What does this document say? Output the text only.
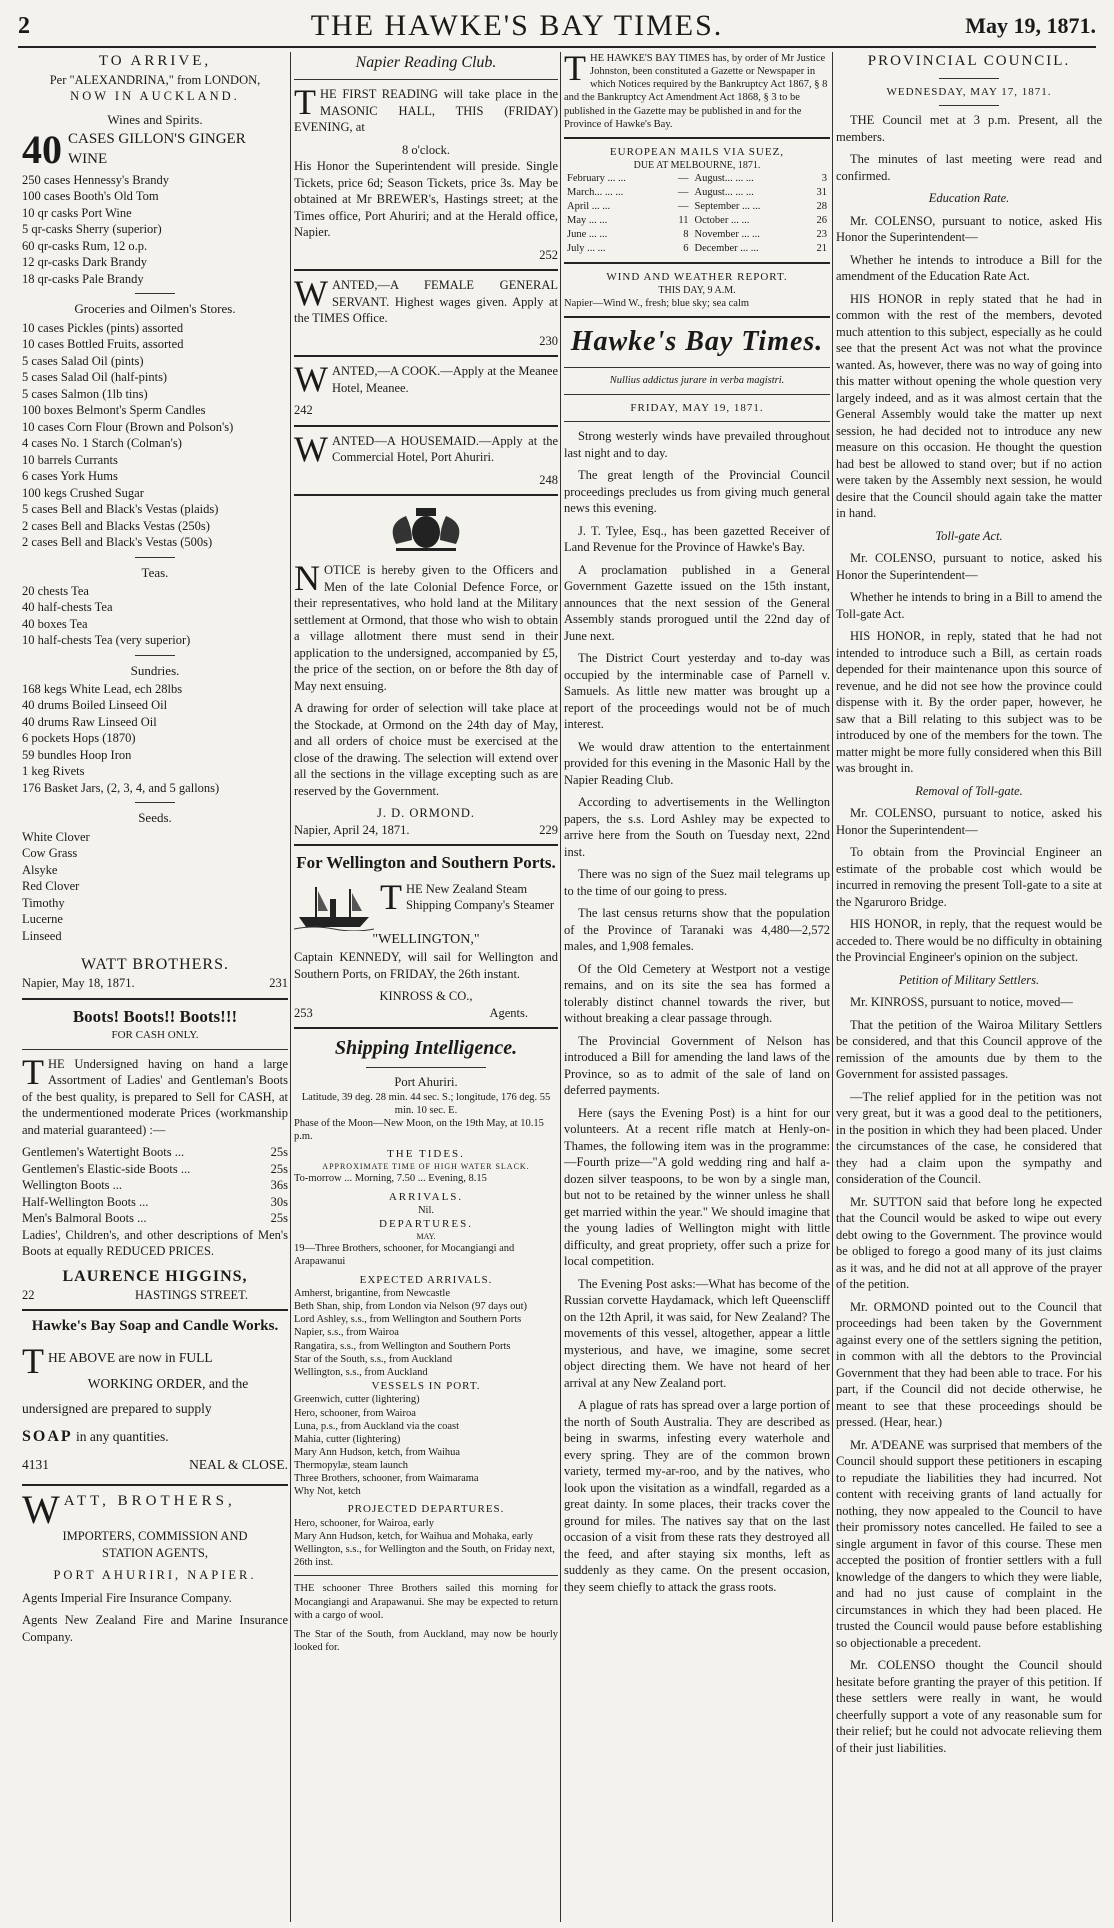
2	THE HAWKE'S BAY TIMES.	May 19, 1871.
TO ARRIVE,
Per "ALEXANDRINA," from LONDON,
NOW IN AUCKLAND.
Wines and Spirits.
40 CASES GILLON'S GINGER WINE
250 cases Hennessy's Brandy
100 cases Booth's Old Tom
10 qr casks Port Wine
5 qr-casks Sherry (superior)
60 qr-casks Rum, 12 o.p.
12 qr-casks Dark Brandy
18 qr-casks Pale Brandy
Groceries and Oilmen's Stores.
10 cases Pickles (pints) assorted
10 cases Bottled Fruits, assorted
5 cases Salad Oil (pints)
5 cases Salad Oil (half-pints)
5 cases Salmon (1lb tins)
100 boxes Belmont's Sperm Candles
10 cases Corn Flour (Brown and Polson's)
4 cases No. 1 Starch (Colman's)
10 barrels Currants
6 cases York Hums
100 kegs Crushed Sugar
5 cases Bell and Black's Vestas (plaids)
2 cases Bell and Blacks Vestas (250s)
2 cases Bell and Black's Vestas (500s)
Teas.
20 chests Tea
40 half-chests Tea
40 boxes Tea
10 half-chests Tea (very superior)
Sundries.
168 kegs White Lead, ech 28lbs
40 drums Boiled Linseed Oil
40 drums Raw Linseed Oil
6 pockets Hops (1870)
59 bundles Hoop Iron
1 keg Rivets
176 Basket Jars, (2, 3, 4, and 5 gallons)
Seeds.
White Clover
Cow Grass
Alsyke
Red Clover
Timothy
Lucerne
Linseed
WATT BROTHERS.
Napier, May 18, 1871.	231
Boots! Boots!! Boots!!!
FOR CASH ONLY.

THE Undersigned having on hand a large Assortment of Ladies' and Gentleman's Boots of the best quality, is prepared to Sell for CASH, at the undermentioned moderate Prices (workmanship and material guaranteed) :—

Gentlemen's Watertight Boots ...	25s
Gentlemen's Elastic-side Boots ...	25s
Wellington Boots ...	36s
Half-Wellington Boots ...	30s
Men's Balmoral Boots ...	25s

Ladies', Children's, and other descriptions of Men's Boots at equally REDUCED PRICES.

LAURENCE HIGGINS,
22	HASTINGS STREET.
Hawke's Bay Soap and Candle Works.
T HE ABOVE are now in FULL
WORKING ORDER, and the
undersigned are prepared to supply
SOAP in any quantities.
4131	NEAL & CLOSE.
W ATT, BROTHERS,
IMPORTERS, COMMISSION AND
STATION AGENTS,
PORT AHURIRI, NAPIER.

Agents Imperial Fire Insurance Company.

Agents New Zealand Fire and Marine Insurance Company.

Napier Reading Club.

THE FIRST READING will take place in the MASONIC HALL, THIS (FRIDAY) EVENING, at

8 o'clock.

His Honor the Superintendent will preside. Single Tickets, price 6d; Season Tickets, price 3s. May be obtained at Mr BREWER's, Hastings street; at the Times office, Port Ahuriri; and at the Herald office, Napier.

252

WANTED,—A FEMALE GENERAL SERVANT. Highest wages given. Apply at the TIMES Office.

230

WANTED,—A COOK.—Apply at the Meanee Hotel, Meanee.

242

WANTED—A HOUSEMAID.—Apply at the Commercial Hotel, Port Ahuriri.

248

NOTICE is hereby given to the Officers and Men of the late Colonial Defence Force, or their representatives, who hold land at the Military settlement at Ormond, that those who wish to obtain a village allotment there must send in their application to the undersigned, accompanied by £5, the price of the section, on or before the 8th day of May next ensuing.

A drawing for order of selection will take place at the Stockade, at Ormond on the 24th day of May, and all orders of choice must be exercised at the close of the drawing. The selection will extend over all the sections in the village excepting such as are reserved by the Government.

J. D. ORMOND.
Napier, April 24, 1871.	229
For Wellington and Southern Ports.
T HE New Zealand Steam Shipping Company's Steamer
"WELLINGTON,"

Captain KENNEDY, will sail for Wellington and Southern Ports, on FRIDAY, the 26th instant.

KINROSS & CO.,
253	Agents.
Shipping Intelligence.
Port Ahuriri.
Latitude, 39 deg. 28 min. 44 sec. S.; longitude, 176 deg. 55 min. 10 sec. E.
Phase of the Moon—New Moon, on the 19th May, at 10.15 p.m.
THE TIDES.
APPROXIMATE TIME OF HIGH WATER SLACK.
To-morrow ... Morning, 7.50 ... Evening, 8.15
ARRIVALS.
Nil.
DEPARTURES.
MAY.
19—Three Brothers, schooner, for Mocangiangi and Arapawanui
EXPECTED ARRIVALS.
Amherst, brigantine, from Newcastle
Beth Shan, ship, from London via Nelson (97 days out)
Lord Ashley, s.s., from Wellington and Southern Ports
Napier, s.s., from Wairoa
Rangatira, s.s., from Wellington and Southern Ports
Star of the South, s.s., from Auckland
Wellington, s.s., from Auckland
VESSELS IN PORT.
Greenwich, cutter (lightering)
Hero, schooner, from Wairoa
Luna, p.s., from Auckland via the coast
Mahia, cutter (lightering)
Mary Ann Hudson, ketch, from Waihua
Thermopylæ, steam launch
Three Brothers, schooner, from Waimarama
Why Not, ketch
PROJECTED DEPARTURES.
Hero, schooner, for Wairoa, early
Mary Ann Hudson, ketch, for Waihua and Mohaka, early
Wellington, s.s., for Wellington and the South, on Friday next, 26th inst.

THE schooner Three Brothers sailed this morning for Mocangiangi and Arapawanui. She may be expected to return with a cargo of wool.

The Star of the South, from Auckland, may now be hourly looked for.

T HE HAWKE'S BAY TIMES has, by order of Mr Justice Johnston, been constituted a Gazette or Newspaper in which Notices required by the Bankruptcy Act 1867, § 8 and the Bankruptcy Act Amendment Act 1868, § 3 to be published in the Gazette may be published in and for the Province of Hawke's Bay.
EUROPEAN MAILS VIA SUEZ,
DUE AT MELBOURNE, 1871.
February ... ...	—	August... ... ...	3
March... ... ...	—	August... ... ...	31
April ... ...	—	September ... ...	28
May ... ...	11	October ... ...	26
June ... ...	8	November ... ...	23
July ... ...	6	December ... ...	21
WIND AND WEATHER REPORT.
THIS DAY, 9 A.M.
Napier—Wind W., fresh; blue sky; sea calm
Hawke's Bay Times.
Nullius addictus jurare in verba magistri.
FRIDAY, MAY 19, 1871.

Strong westerly winds have prevailed throughout last night and to day.

The great length of the Provincial Council proceedings precludes us from giving much general news this evening.

J. T. Tylee, Esq., has been gazetted Receiver of Land Revenue for the Province of Hawke's Bay.

A proclamation published in a General Government Gazette issued on the 15th instant, announces that the next session of the General Assembly stands prorogued until the 22nd day of June next.

The District Court yesterday and to-day was occupied by the interminable case of Parnell v. Samuels. As little new matter was brought up a report of the proceedings would not be of much interest.

We would draw attention to the entertainment provided for this evening in the Masonic Hall by the Napier Reading Club.

According to advertisements in the Wellington papers, the s.s. Lord Ashley may be expected to arrive here from the South on Tuesday next, 22nd inst.

There was no sign of the Suez mail telegrams up to the time of our going to press.

The last census returns show that the population of the Province of Taranaki was 4,480—2,572 males, and 1,908 females.

Of the Old Cemetery at Westport not a vestige remains, and on its site the sea has formed a tolerably distinct channel towards the river, but without breaking a clear passage through.

The Provincial Government of Nelson has introduced a Bill for amending the land laws of the Province, so as to admit of the sale of land on deferred payments.

Here (says the Evening Post) is a hint for our volunteers. At a recent rifle match at Henly-on-Thames, the following item was in the programme:—Fourth prize—"A gold wedding ring and half a-dozen silver teaspoons, to be won by a single man, but not to be retained by the winner unless he shall get married within the year." We should imagine that the young ladies of Wellington might with little difficulty, and great propriety, offer such a prize for local competition.

The Evening Post asks:—What has become of the Russian corvette Haydamack, which left Queenscliff on the 12th April, it was said, for New Zealand? The movements of this vessel, altogether, appear a little mysterious, and have, we imagine, some secret object directing them. We have not heard of her arrival at any New Zealand port.

A plague of rats has spread over a large portion of the north of South Australia. They are described as being in swarms, infesting every waterhole and every spring. They are of the common brown variety, termed my-ar-roo, and by the natives, who look upon the visitation as a windfall, regarded as a great dainty. In some places, their tracks cover the ground for miles. The natives say that on the last occasion of a visit from these rats they destroyed all the feed, and after staying six months, left as suddenly as they came. On the present occasion, they seem chiefly to attack the grass roots.

PROVINCIAL COUNCIL.
WEDNESDAY, MAY 17, 1871.

THE Council met at 3 p.m. Present, all the members.

The minutes of last meeting were read and confirmed.

Education Rate.

Mr. COLENSO, pursuant to notice, asked His Honor the Superintendent—

Whether he intends to introduce a Bill for the amendment of the Education Rate Act.

HIS HONOR in reply stated that he had in common with the rest of the members, devoted much attention to this subject, especially as he could see that the present Act was not what the province wanted. As, however, there was no way of going into this matter without opening the whole question very largely indeed, and as it was almost certain that the General Assembly would take the matter up next session, he had decided not to introduce any new measure on this occasion. He thought the question had best be allowed to stand over; but if no action were taken by the Assembly next session, he would desire that the Council should again take the matter in hand.

Toll-gate Act.

Mr. COLENSO, pursuant to notice, asked his Honor the Superintendent—

Whether he intends to bring in a Bill to amend the Toll-gate Act.

HIS HONOR, in reply, stated that he had not intended to introduce such a Bill, as certain roads depended for their maintenance upon this source of revenue, and he did not see how the province could dispense with it. By the order paper, however, he saw that a Bill relating to this subject was to be introduced by one of the members for the town. The matter might be more fully considered when this Bill was brought in.

Removal of Toll-gate.

Mr. COLENSO, pursuant to notice, asked his Honor the Superintendent—

To obtain from the Provincial Engineer an estimate of the probable cost which would be incurred in removing the present Toll-gate to a site at the Ngaruroro Bridge.

HIS HONOR, in reply, that the request would be acceded to. There would be no difficulty in obtaining the Provincial Engineer's opinion on the subject.

Petition of Military Settlers.

Mr. KINROSS, pursuant to notice, moved—

That the petition of the Wairoa Military Settlers be considered, and that this Council approve of the remission of the amounts due by them to the Government for assisted passages.

—The relief applied for in the petition was not very great, but it was a good deal to the petitioners, in the position in which they had been placed. Under the circumstances of the case, he considered that they had a claim upon the sympathy and consideration of the Council.

Mr. SUTTON said that before long he expected that the Council would be asked to wipe out every debt owing to the Government. The province would be obliged to forego a good many of its just claims as it was, and he did not at all approve of the prayer of the petition.

Mr. ORMOND pointed out to the Council that proceedings had been taken by the Government against every one of the settlers signing the petition, in common with all the debtors to the Provincial Government that they had been able to trace. For his part, if the Council did not decide otherwise, he meant to see that these proceedings should be pressed. (Hear, hear.)

Mr. A'DEANE was surprised that members of the Council should support these petitioners in escaping to repudiate the liabilities they had incurred. Not content with receiving grants of land actually for nothing, they now appealed to the Council to have their promissory notes cancelled. He failed to see a single argument in favor of this course. These men accepted the position of frontier settlers with a full knowledge of the dangers to which they were liable, and had no just cause of complaint in the circumstances in which they had been placed. He trusted the Council would pause before establishing so objectionable a precedent.

Mr. COLENSO thought the Council should hesitate before granting the prayer of this petition. If these settlers were really in want, he would cheerfully support a vote of any reasonable sum for their relief; but he could not advocate relieving them of their just liabilities.
